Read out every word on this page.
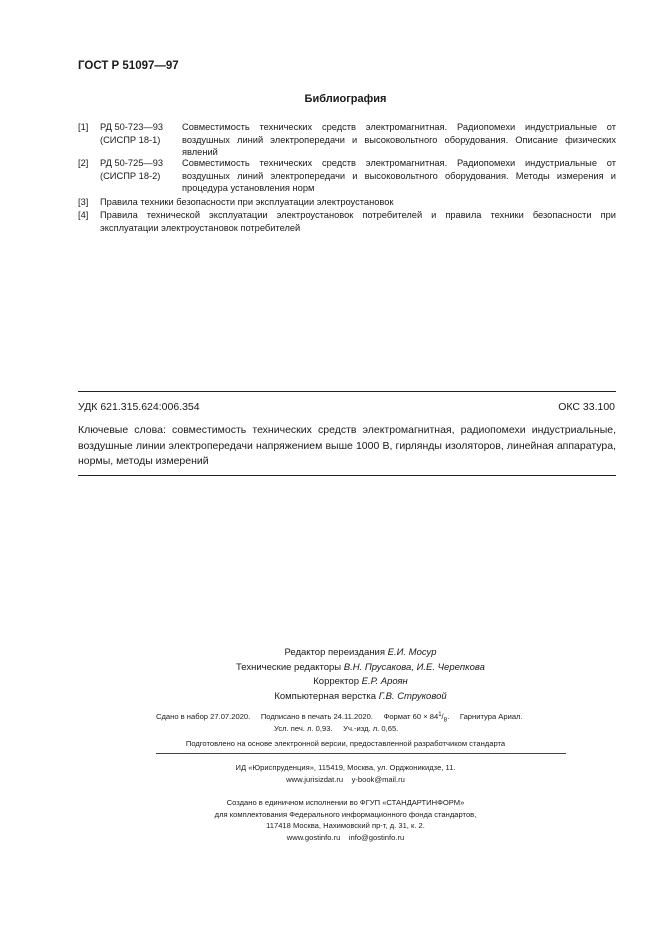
ГОСТ Р 51097—97
Библиография
[1] РД 50-723—93
(СИСПР 18-1)
Совместимость технических средств электромагнитная. Радиопомехи индустриальные от воздушных линий электропередачи и высоковольтного оборудования. Описание физических явлений
[2] РД 50-725—93
(СИСПР 18-2)
Совместимость технических средств электромагнитная. Радиопомехи индустриальные от воздушных линий электропередачи и высоковольтного оборудования. Методы измерения и процедура установления норм
[3] Правила техники безопасности при эксплуатации электроустановок
[4] Правила технической эксплуатации электроустановок потребителей и правила техники безопасности при эксплуатации электроустановок потребителей
УДК 621.315.624:006.354	ОКС 33.100
Ключевые слова: совместимость технических средств электромагнитная, радиопомехи индустриальные, воздушные линии электропередачи напряжением выше 1000 В, гирлянды изоляторов, линейная аппаратура, нормы, методы измерений
Редактор переиздания Е.И. Мосур
Технические редакторы В.Н. Прусакова, И.Е. Черепкова
Корректор Е.Р. Ароян
Компьютерная верстка Г.В. Струковой
Сдано в набор 27.07.2020. Подписано в печать 24.11.2020. Формат $60 \times 84^1/_8$. Гарнитура Ариал.
Усл. печ. л. 0,93. Уч.-изд. л. 0,65.
Подготовлено на основе электронной версии, предоставленной разработчиком стандарта
ИД «Юриспруденция», 115419, Москва, ул. Орджоникидзе, 11.
www.jurisizdat.ru y-book@mail.ru
Создано в единичном исполнении во ФГУП «СТАНДАРТИНФОРМ»
для комплектования Федерального информационного фонда стандартов,
117418 Москва, Нахимовский пр-т, д. 31, к. 2.
www.gostinfo.ru info@gostinfo.ru
